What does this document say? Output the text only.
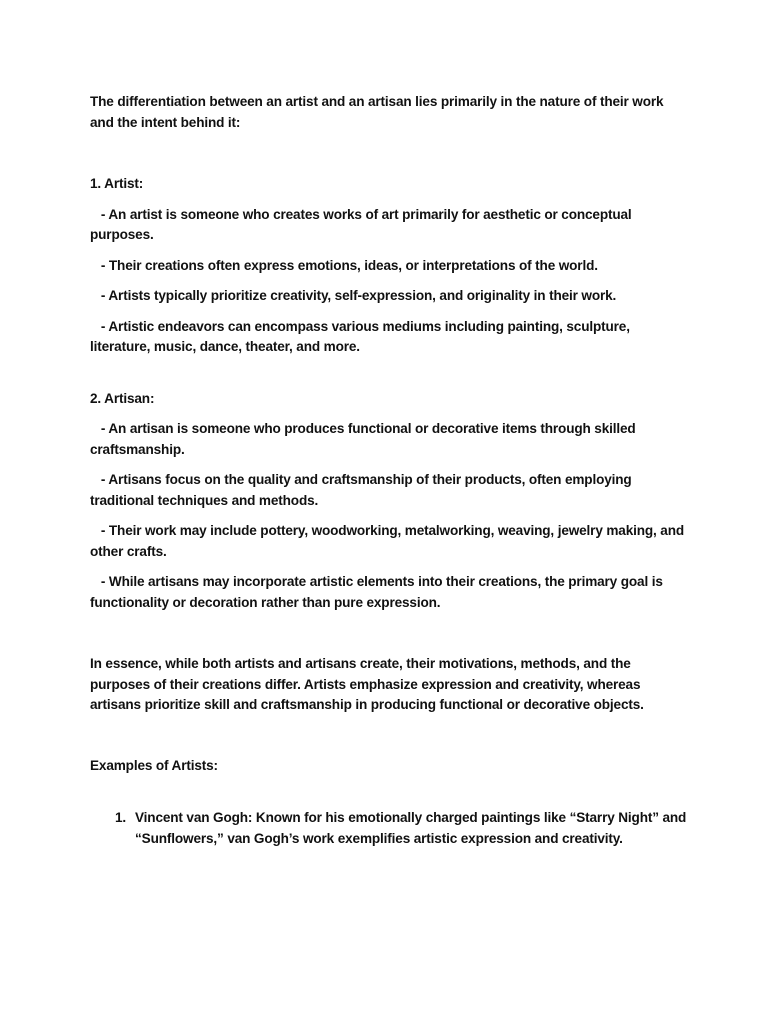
The differentiation between an artist and an artisan lies primarily in the nature of their work and the intent behind it:

1. Artist:

- An artist is someone who creates works of art primarily for aesthetic or conceptual purposes.

- Their creations often express emotions, ideas, or interpretations of the world.

- Artists typically prioritize creativity, self-expression, and originality in their work.

- Artistic endeavors can encompass various mediums including painting, sculpture, literature, music, dance, theater, and more.

2. Artisan:

- An artisan is someone who produces functional or decorative items through skilled craftsmanship.

- Artisans focus on the quality and craftsmanship of their products, often employing traditional techniques and methods.

- Their work may include pottery, woodworking, metalworking, weaving, jewelry making, and other crafts.

- While artisans may incorporate artistic elements into their creations, the primary goal is functionality or decoration rather than pure expression.

In essence, while both artists and artisans create, their motivations, methods, and the purposes of their creations differ. Artists emphasize expression and creativity, whereas artisans prioritize skill and craftsmanship in producing functional or decorative objects.

Examples of Artists:

1. Vincent van Gogh: Known for his emotionally charged paintings like “Starry Night” and “Sunflowers,” van Gogh’s work exemplifies artistic expression and creativity.
